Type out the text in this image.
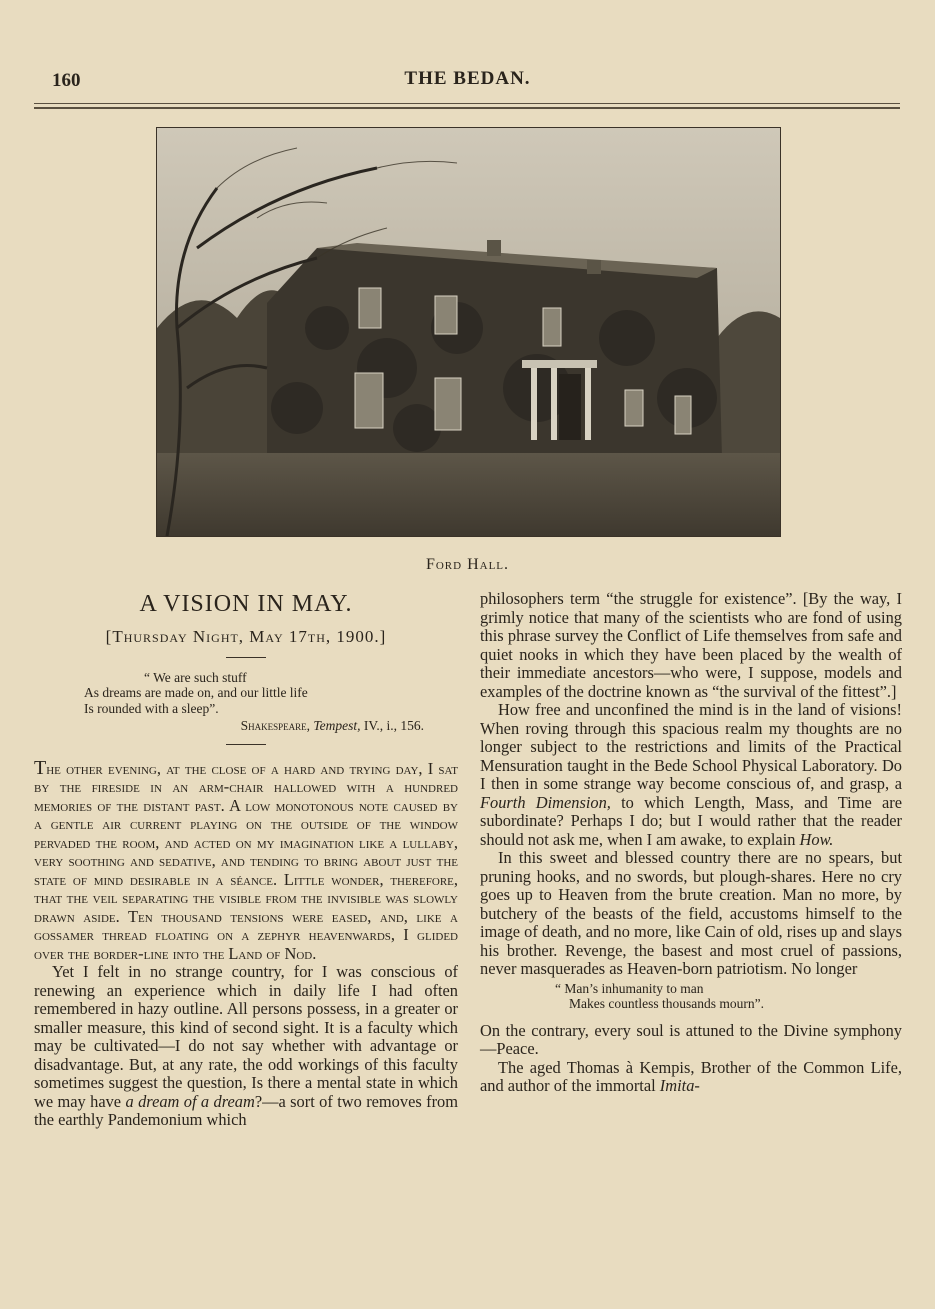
160	THE BEDAN.
Ford Hall.
A VISION IN MAY.
[Thursday Night, May 17th, 1900.]
“ We are such stuff
As dreams are made on, and our little life
Is rounded with a sleep”.
Shakespeare, Tempest, IV., i., 156.

The other evening, at the close of a hard and trying day, I sat by the fireside in an arm-chair hallowed with a hundred memories of the distant past. A low monotonous note caused by a gentle air current playing on the outside of the window pervaded the room, and acted on my imagination like a lullaby, very soothing and sedative, and tending to bring about just the state of mind desirable in a séance. Little wonder, therefore, that the veil separating the visible from the invisible was slowly drawn aside. Ten thousand tensions were eased, and, like a gossamer thread floating on a zephyr heavenwards, I glided over the border-line into the Land of Nod.

Yet I felt in no strange country, for I was conscious of renewing an experience which in daily life I had often remembered in hazy outline. All persons possess, in a greater or smaller measure, this kind of second sight. It is a faculty which may be cultivated—I do not say whether with advantage or disadvantage. But, at any rate, the odd workings of this faculty sometimes suggest the question, Is there a mental state in which we may have a dream of a dream?—a sort of two removes from the earthly Pandemonium which

philosophers term “the struggle for existence”. [By the way, I grimly notice that many of the scientists who are fond of using this phrase survey the Conflict of Life themselves from safe and quiet nooks in which they have been placed by the wealth of their immediate ancestors—who were, I suppose, models and examples of the doctrine known as “the survival of the fittest”.]

How free and unconfined the mind is in the land of visions! When roving through this spacious realm my thoughts are no longer subject to the restrictions and limits of the Practical Mensuration taught in the Bede School Physical Laboratory. Do I then in some strange way become conscious of, and grasp, a Fourth Dimension, to which Length, Mass, and Time are subordinate? Perhaps I do; but I would rather that the reader should not ask me, when I am awake, to explain How.

In this sweet and blessed country there are no spears, but pruning hooks, and no swords, but plough-shares. Here no cry goes up to Heaven from the brute creation. Man no more, by butchery of the beasts of the field, accustoms himself to the image of death, and no more, like Cain of old, rises up and slays his brother. Revenge, the basest and most cruel of passions, never masquerades as Heaven-born patriotism. No longer

“ Man’s inhumanity to man
Makes countless thousands mourn”.

On the contrary, every soul is attuned to the Divine symphony—Peace.

The aged Thomas à Kempis, Brother of the Common Life, and author of the immortal Imita-
